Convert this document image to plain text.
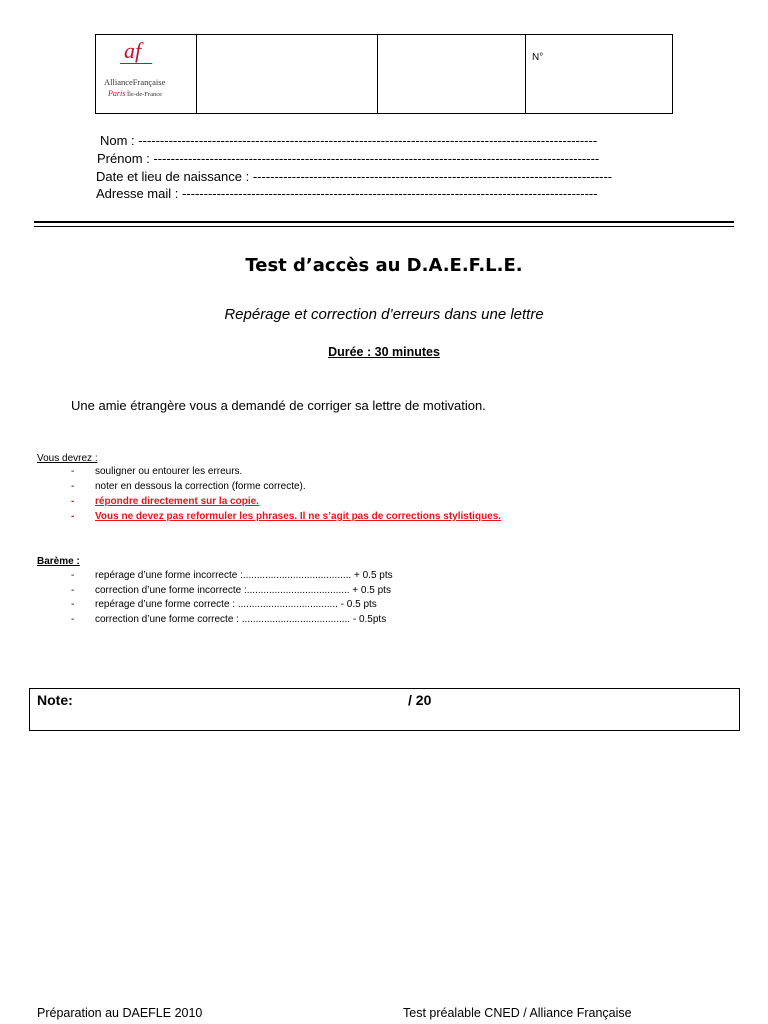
af
AllianceFrançaise
Paris Île-de-France
N°
Nom : ----------------------------------------------------------------------------------------------------------
Prénom : -------------------------------------------------------------------------------------------------------
Date et lieu de naissance : -----------------------------------------------------------------------------------
Adresse mail : ------------------------------------------------------------------------------------------------
Test d’accès au D.A.E.F.L.E.
Repérage et correction d’erreurs dans une lettre
Durée : 30 minutes
Une amie étrangère vous a demandé de corriger sa lettre de motivation.
Vous devrez :
- souligner ou entourer les erreurs.
- noter en dessous la correction (forme correcte).
- répondre directement sur la copie.
- Vous ne devez pas reformuler les phrases. Il ne s’agit pas de corrections stylistiques.
Barème :
- repérage d’une forme incorrecte :....................................... + 0.5 pts
- correction d’une forme incorrecte :..................................... + 0.5 pts
- repérage d’une forme correcte : .................................... - 0.5 pts
- correction d’une forme correcte : ....................................... - 0.5pts
Note:	/ 20
Préparation au DAEFLE 2010	Test préalable CNED / Alliance Française
